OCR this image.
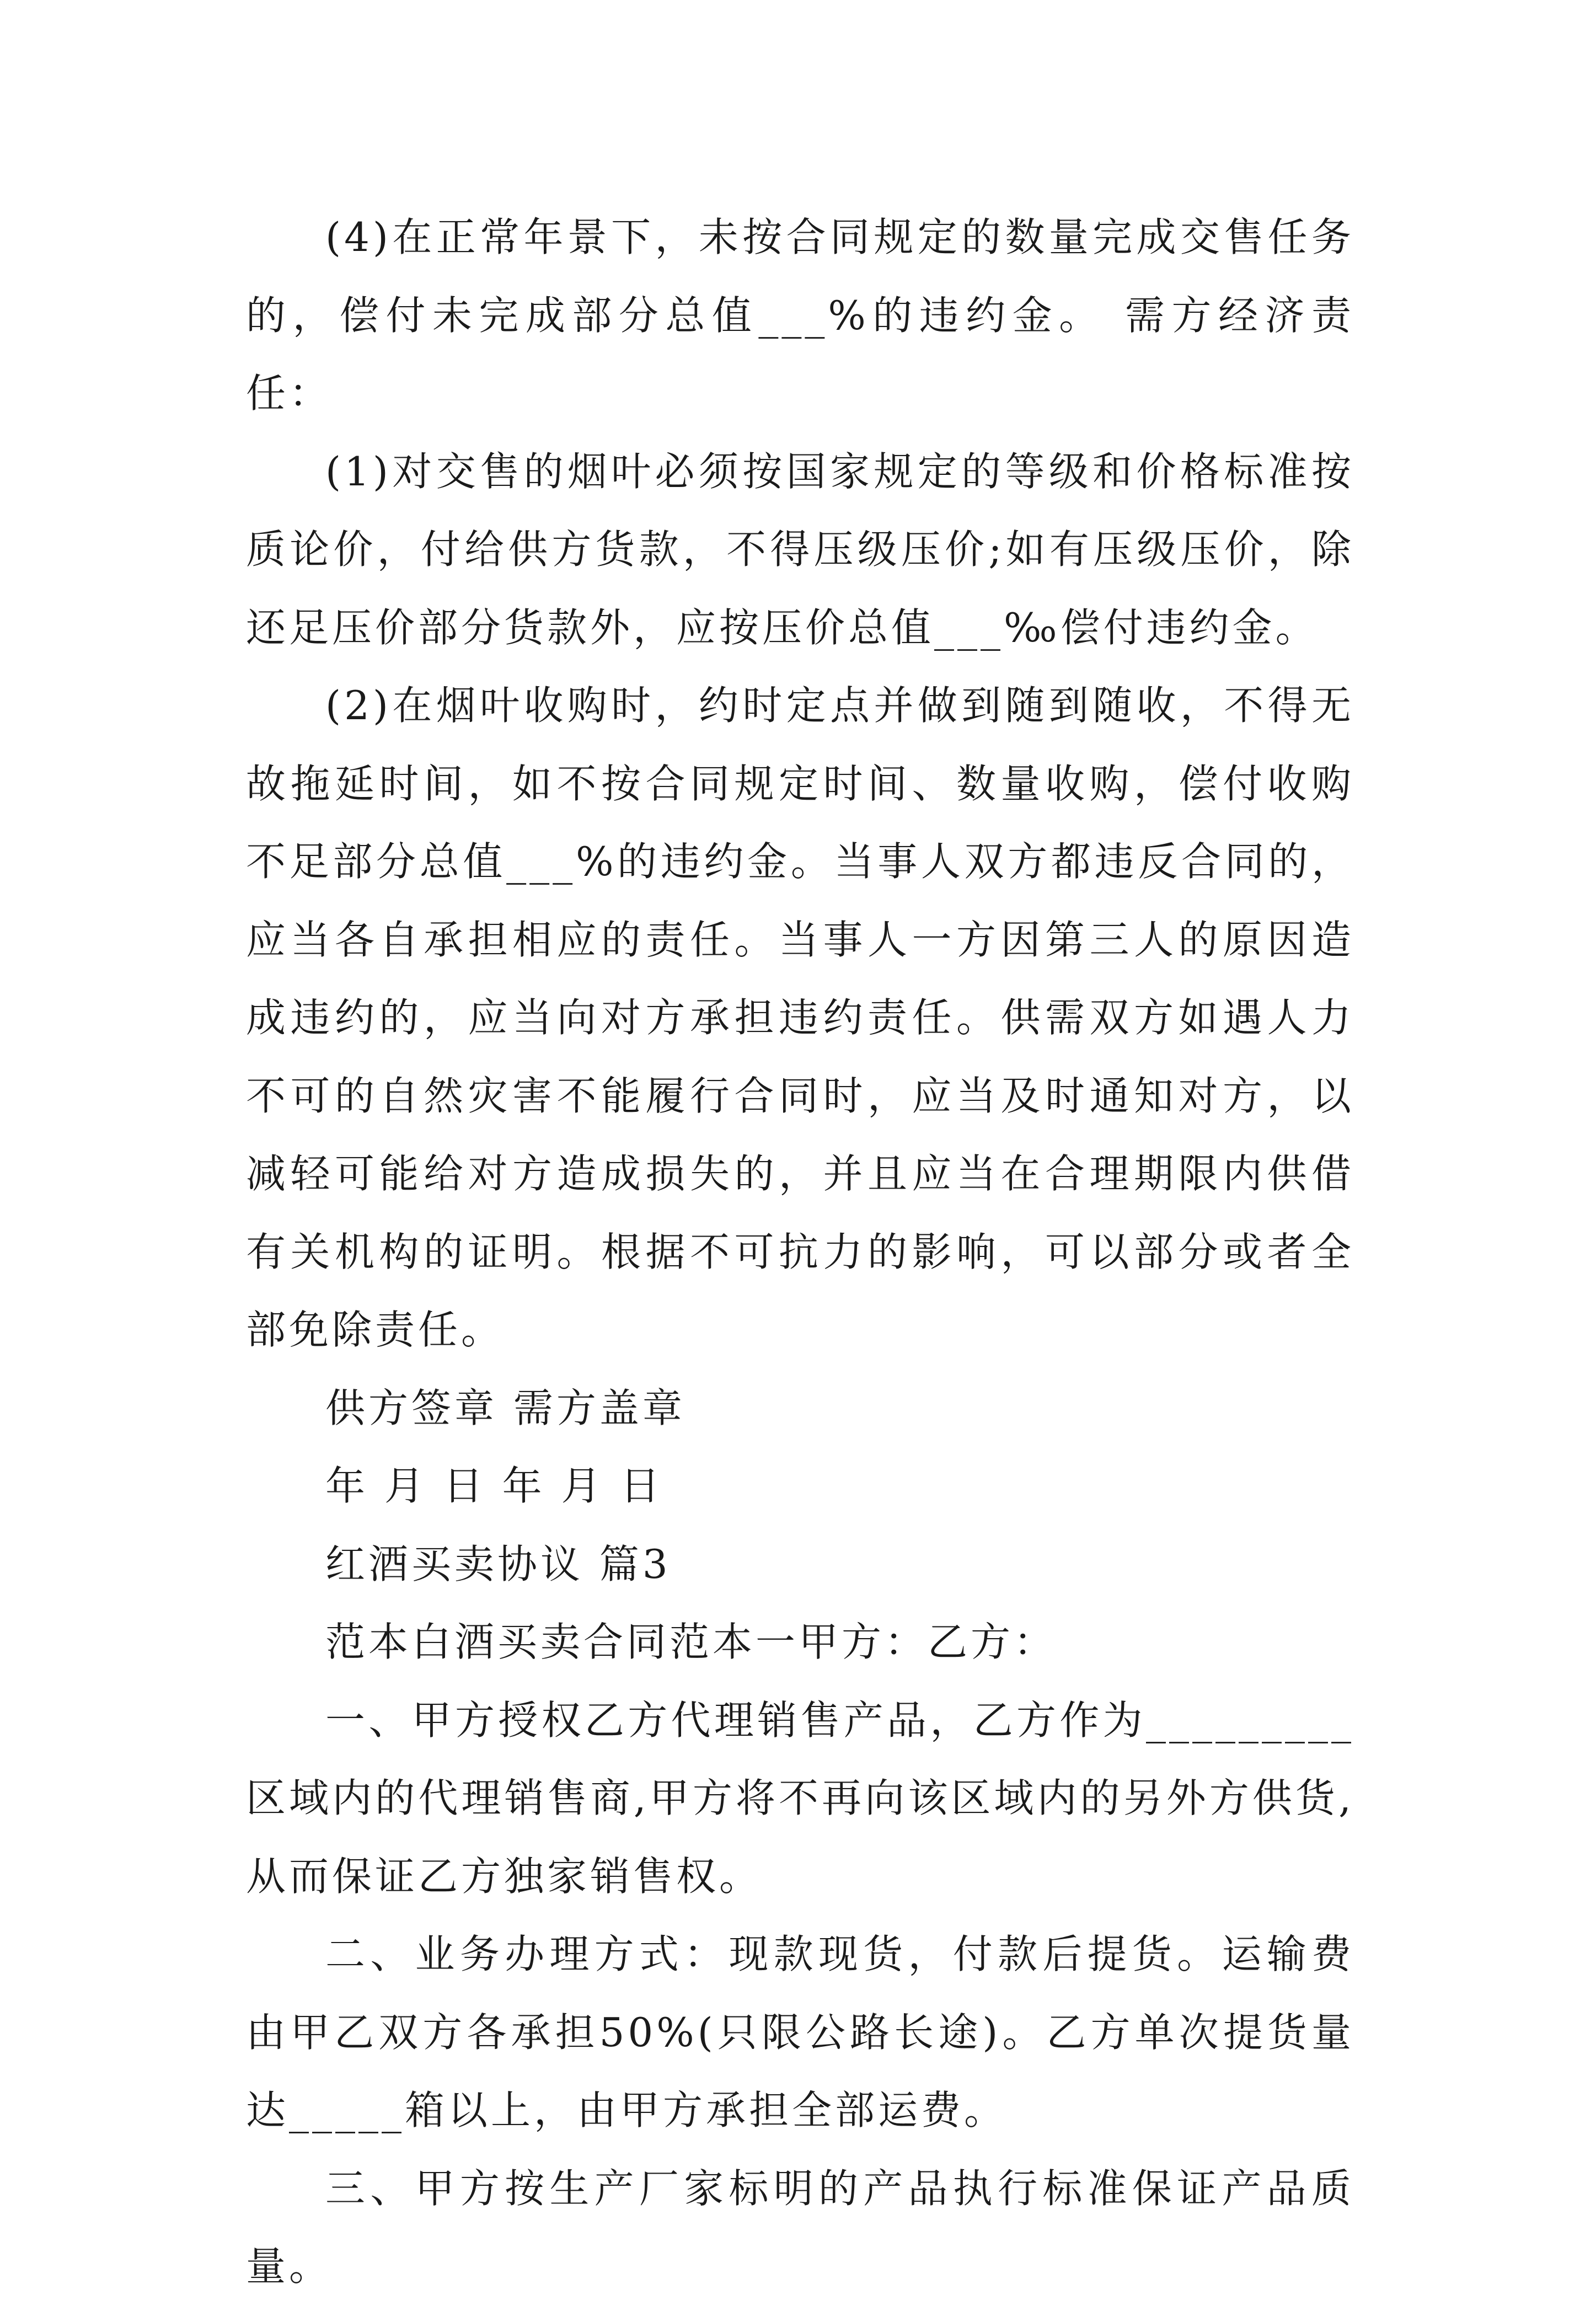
(4)在正常年景下，未按合同规定的数量完成交售任务的，偿付未完成部分总值___%的违约金。 需方经济责任：

(1)对交售的烟叶必须按国家规定的等级和价格标准按质论价，付给供方货款，不得压级压价;如有压级压价，除还足压价部分货款外，应按压价总值___‰偿付违约金。

(2)在烟叶收购时，约时定点并做到随到随收，不得无故拖延时间，如不按合同规定时间、数量收购，偿付收购不足部分总值___%的违约金。当事人双方都违反合同的，应当各自承担相应的责任。当事人一方因第三人的原因造成违约的，应当向对方承担违约责任。供需双方如遇人力不可的自然灾害不能履行合同时，应当及时通知对方，以减轻可能给对方造成损失的，并且应当在合理期限内供借有关机构的证明。根据不可抗力的影响，可以部分或者全部免除责任。

供方签章 需方盖章

年 月 日 年 月 日

红酒买卖协议 篇3

范本白酒买卖合同范本一甲方：乙方：

一、甲方授权乙方代理销售产品，乙方作为_________区域内的代理销售商,甲方将不再向该区域内的另外方供货,从而保证乙方独家销售权。

二、业务办理方式：现款现货，付款后提货。运输费由甲乙双方各承担50%(只限公路长途)。乙方单次提货量达_____箱以上，由甲方承担全部运费。

三、甲方按生产厂家标明的产品执行标准保证产品质量。
